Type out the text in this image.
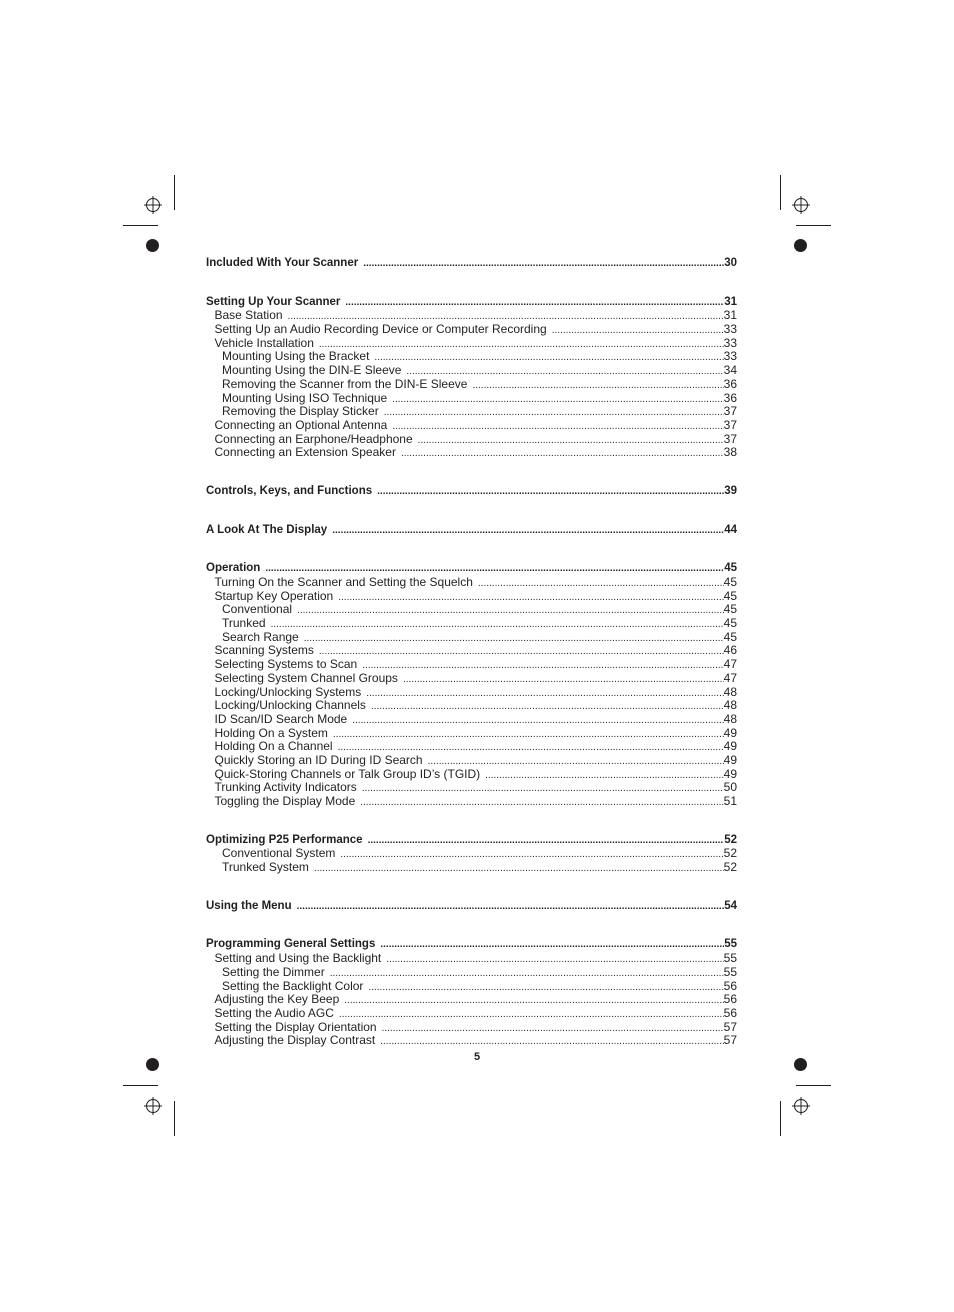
Included With Your Scanner .....	30
Setting Up Your Scanner .....	31
Base Station .....	31
Setting Up an Audio Recording Device or Computer Recording .....	33
Vehicle Installation .....	33
Mounting Using the Bracket .....	33
Mounting Using the DIN-E Sleeve .....	34
Removing the Scanner from the DIN-E Sleeve .....	36
Mounting Using ISO Technique .....	36
Removing the Display Sticker .....	37
Connecting an Optional Antenna .....	37
Connecting an Earphone/Headphone .....	37
Connecting an Extension Speaker .....	38
Controls, Keys, and Functions .....	39
A Look At The Display .....	44
Operation .....	45
Turning On the Scanner and Setting the Squelch .....	45
Startup Key Operation .....	45
Conventional .....	45
Trunked .....	45
Search Range .....	45
Scanning Systems .....	46
Selecting Systems to Scan .....	47
Selecting System Channel Groups .....	47
Locking/Unlocking Systems .....	48
Locking/Unlocking Channels .....	48
ID Scan/ID Search Mode .....	48
Holding On a System .....	49
Holding On a Channel .....	49
Quickly Storing an ID During ID Search .....	49
Quick-Storing Channels or Talk Group ID’s (TGID) .....	49
Trunking Activity Indicators .....	50
Toggling the Display Mode .....	51
Optimizing P25 Performance .....	52
Conventional System .....	52
Trunked System .....	52
Using the Menu .....	54
Programming General Settings .....	55
Setting and Using the Backlight .....	55
Setting the Dimmer .....	55
Setting the Backlight Color .....	56
Adjusting the Key Beep .....	56
Setting the Audio AGC .....	56
Setting the Display Orientation .....	57
Adjusting the Display Contrast .....	57
5
